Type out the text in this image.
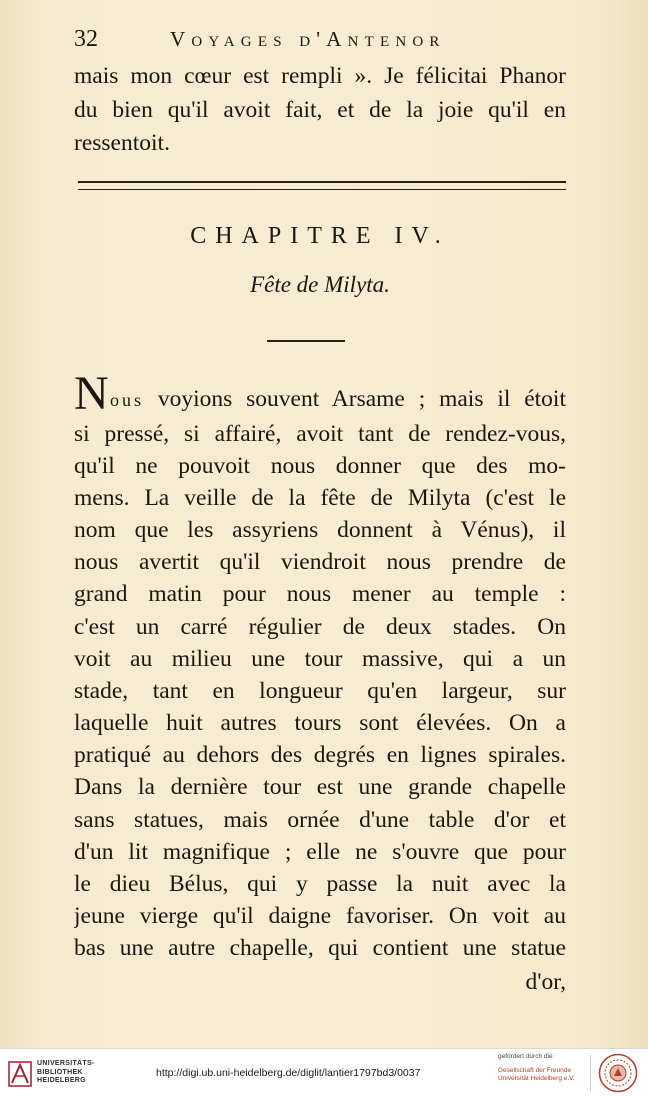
32	Voyages d'Antenor
mais mon cœur est rempli ». Je félicitai Phanor
du bien qu'il avoit fait, et de la joie qu'il en
ressentoit.
CHAPITRE IV.
Fête de Milyta.
N ous voyions souvent Arsame ; mais il étoit
si pressé, si affairé, avoit tant de rendez-vous,
qu'il ne pouvoit nous donner que des mo-
mens. La veille de la fête de Milyta (c'est le
nom que les assyriens donnent à Vénus), il
nous avertit qu'il viendroit nous prendre de
grand matin pour nous mener au temple :
c'est un carré régulier de deux stades. On
voit au milieu une tour massive, qui a un
stade, tant en longueur qu'en largeur, sur
laquelle huit autres tours sont élevées. On a
pratiqué au dehors des degrés en lignes spirales.
Dans la dernière tour est une grande chapelle
sans statues, mais ornée d'une table d'or et
d'un lit magnifique ; elle ne s'ouvre que pour
le dieu Bélus, qui y passe la nuit avec la
jeune vierge qu'il daigne favoriser. On voit au
bas une autre chapelle, qui contient une statue
d'or,
UNIVERSITÄTS-
BIBLIOTHEK
HEIDELBERG
http://digi.ub.uni-heidelberg.de/diglit/lantier1797bd3/0037
gefördert durch die
Gesellschaft der Freunde
Universität Heidelberg e.V.
